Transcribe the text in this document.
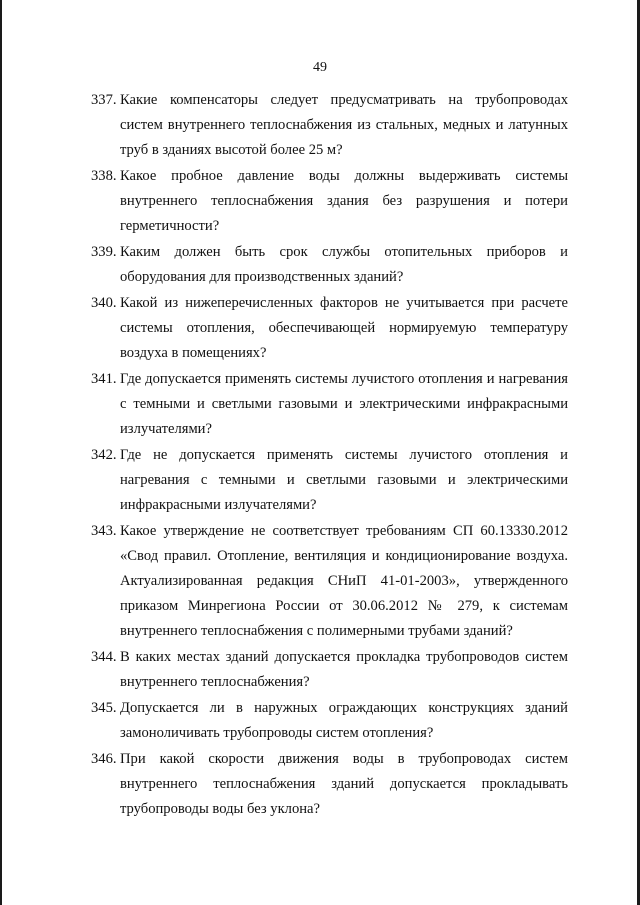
49
337. Какие компенсаторы следует предусматривать на трубопроводах систем внутреннего теплоснабжения из стальных, медных и латунных труб в зданиях высотой более 25 м?
338. Какое пробное давление воды должны выдерживать системы внутреннего теплоснабжения здания без разрушения и потери герметичности?
339. Каким должен быть срок службы отопительных приборов и оборудования для производственных зданий?
340. Какой из нижеперечисленных факторов не учитывается при расчете системы отопления, обеспечивающей нормируемую температуру воздуха в помещениях?
341. Где допускается применять системы лучистого отопления и нагревания с темными и светлыми газовыми и электрическими инфракрасными излучателями?
342. Где не допускается применять системы лучистого отопления и нагревания с темными и светлыми газовыми и электрическими инфракрасными излучателями?
343. Какое утверждение не соответствует требованиям СП 60.13330.2012 «Свод правил. Отопление, вентиляция и кондиционирование воздуха. Актуализированная редакция СНиП 41-01-2003», утвержденного приказом Минрегиона России от 30.06.2012 № 279, к системам внутреннего теплоснабжения с полимерными трубами зданий?
344. В каких местах зданий допускается прокладка трубопроводов систем внутреннего теплоснабжения?
345. Допускается ли в наружных ограждающих конструкциях зданий замоноличивать трубопроводы систем отопления?
346. При какой скорости движения воды в трубопроводах систем внутреннего теплоснабжения зданий допускается прокладывать трубопроводы воды без уклона?
